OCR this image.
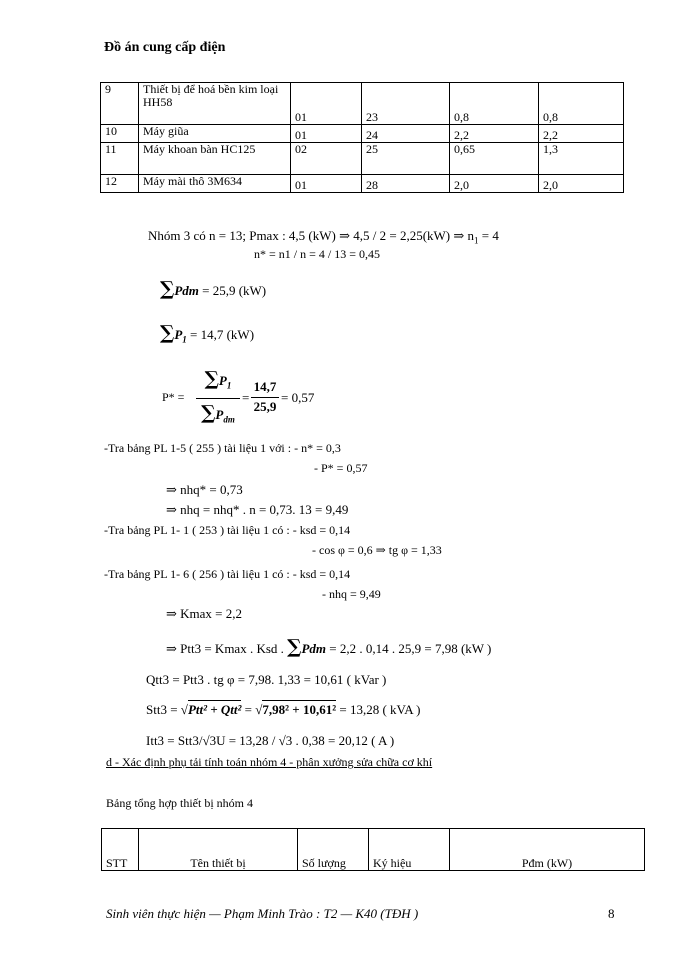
Đồ án cung cấp điện
9	Thiết bị để hoá bền kim loại HH58	01	23	0,8	0,8
10	Máy giũa	01	24	2,2	2,2
11	Máy khoan bàn HC125	02	25	0,65	1,3
12	Máy mài thô 3M634	01	28	2,0	2,0
Nhóm 3 có n = 13; Pmax : 4,5 (kW) ⇒ 4,5 / 2 = 2,25(kW) ⇒ $n_1 = 4$
n* = n1 / n = 4 / 13 = 0,45
∑Pdm = 25,9 (kW)
$\sum P_1 = 14,7$ (kW)
P* =
$\sum P_1$
$\sum P_{dm}$
=
14,7
25,9
= 0,57
-Tra bảng PL 1-5 ( 255 ) tài liệu 1 với : - n* = 0,3
- P* = 0,57
⇒ nhq* = 0,73
⇒ nhq = nhq* . n = 0,73. 13 = 9,49
-Tra bảng PL 1- 1 ( 253 ) tài liệu 1 có : - ksd = 0,14
- cos φ = 0,6 ⇒ tg φ = 1,33
-Tra bảng PL 1- 6 ( 256 ) tài liệu 1 có : - ksd = 0,14
- nhq = 9,49
⇒ Kmax = 2,2
⇒ Ptt3 = Kmax . Ksd . ∑Pdm = 2,2 . 0,14 . 25,9 = 7,98 (kW )
Qtt3 = Ptt3 . tg φ = 7,98. 1,33 = 10,61 ( kVar )
Stt3 = √Ptt² + Qtt² = √7,98² + 10,61² = 13,28 ( kVA )
Itt3 = Stt3/√3U = 13,28 / √3 . 0,38 = 20,12 ( A )
d - Xác định phụ tải tính toán nhóm 4 - phân xưởng sửa chữa cơ khí
Bảng tổng hợp thiết bị nhóm 4
STT	Tên thiết bị	Số lượng	Ký hiệu	Pđm (kW)
Sinh viên thực hiện — Phạm Minh Trào : T2 — K40 (TĐH )	8
